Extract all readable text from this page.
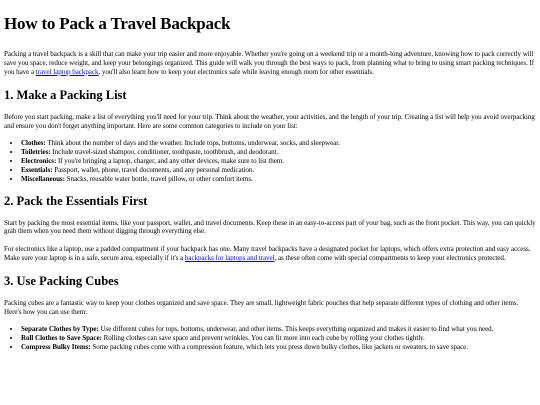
How to Pack a Travel Backpack

Packing a travel backpack is a skill that can make your trip easier and more enjoyable. Whether you're going on a weekend trip or a month-long adventure, knowing how to pack correctly will save you space, reduce weight, and keep your belongings organized. This guide will walk you through the best ways to pack, from planning what to bring to using smart packing techniques. If you have a travel laptop backpack, you'll also learn how to keep your electronics safe while leaving enough room for other essentials.

1. Make a Packing List

Before you start packing, make a list of everything you'll need for your trip. Think about the weather, your activities, and the length of your trip. Creating a list will help you avoid overpacking and ensure you don't forget anything important. Here are some common categories to include on your list:

• Clothes: Think about the number of days and the weather. Include tops, bottoms, underwear, socks, and sleepwear.
• Toiletries: Include travel-sized shampoo, conditioner, toothpaste, toothbrush, and deodorant.
• Electronics: If you're bringing a laptop, charger, and any other devices, make sure to list them.
• Essentials: Passport, wallet, phone, travel documents, and any personal medication.
• Miscellaneous: Snacks, reusable water bottle, travel pillow, or other comfort items.
2. Pack the Essentials First

Start by packing the most essential items, like your passport, wallet, and travel documents. Keep these in an easy-to-access part of your bag, such as the front pocket. This way, you can quickly grab them when you need them without digging through everything else.

For electronics like a laptop, use a padded compartment if your backpack has one. Many travel backpacks have a designated pocket for laptops, which offers extra protection and easy access. Make sure your laptop is in a safe, secure area, especially if it's a backpacks for laptops and travel, as these often come with special compartments to keep your electronics protected.

3. Use Packing Cubes

Packing cubes are a fantastic way to keep your clothes organized and save space. They are small, lightweight fabric pouches that help separate different types of clothing and other items. Here's how you can use them:

• Separate Clothes by Type: Use different cubes for tops, bottoms, underwear, and other items. This keeps everything organized and makes it easier to find what you need.
• Roll Clothes to Save Space: Rolling clothes can save space and prevent wrinkles. You can fit more into each cube by rolling your clothes tightly.
• Compress Bulky Items: Some packing cubes come with a compression feature, which lets you press down bulky clothes, like jackets or sweaters, to save space.
